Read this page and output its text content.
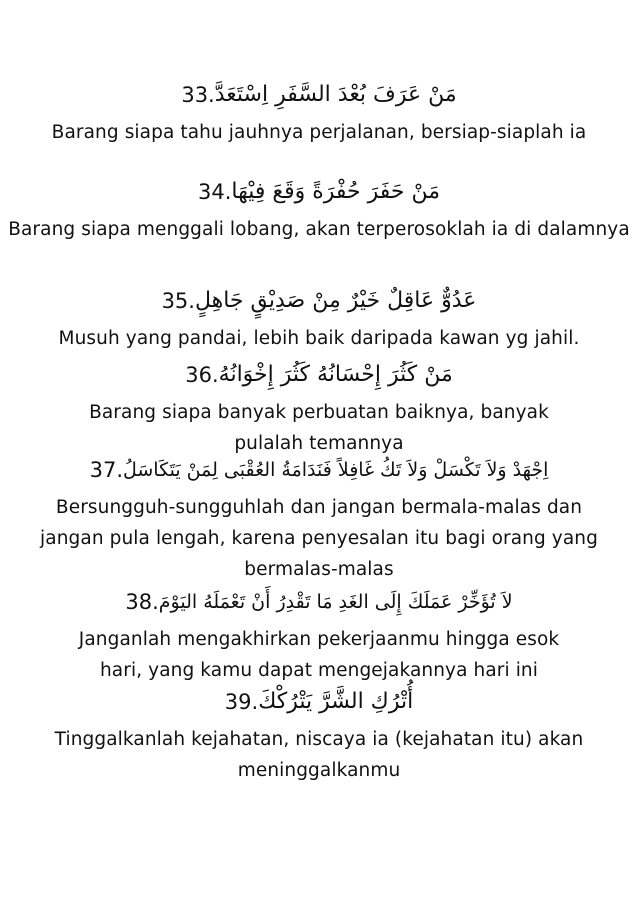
33. مَنْ عَرَفَ بُعْدَ السَّفَرِ اِسْتَعَدَّ
Barang siapa tahu jauhnya perjalanan, bersiap-siaplah ia
34. مَنْ حَفَرَ حُفْرَةً وَقَعَ فِيْهَا
Barang siapa menggali lobang, akan terperosoklah ia di dalamnya
35. عَدُوٌّ عَاقِلٌ خَيْرٌ مِنْ صَدِيْقٍ جَاهِلٍ
Musuh yang pandai, lebih baik daripada kawan yg jahil.
36. مَنْ كَثُرَ إِحْسَانُهُ كَثُرَ إِخْوَانُهُ
Barang siapa banyak perbuatan baiknya, banyak pulalah temannya
37. اِجْهَدْ وَلاَ تَكْسَلْ وَلاَ تَكُ غَافِلاً فَنَدَامَةُ العُقْبَى لِمَنْ يَتَكَاسَلُ
Bersungguh-sungguhlah dan jangan bermala-malas dan jangan pula lengah, karena penyesalan itu bagi orang yang bermalas-malas
38. لاَ تُؤَخِّرْ عَمَلَكَ إِلَى الغَدِ مَا تَقْدِرُ أَنْ تَعْمَلَهُ اليَوْمَ
Janganlah mengakhirkan pekerjaanmu hingga esok hari, yang kamu dapat mengejakannya hari ini
39. أُتْرُكِ الشَّرَّ يَتْرُكْكَ
Tinggalkanlah kejahatan, niscaya ia (kejahatan itu) akan meninggalkanmu
